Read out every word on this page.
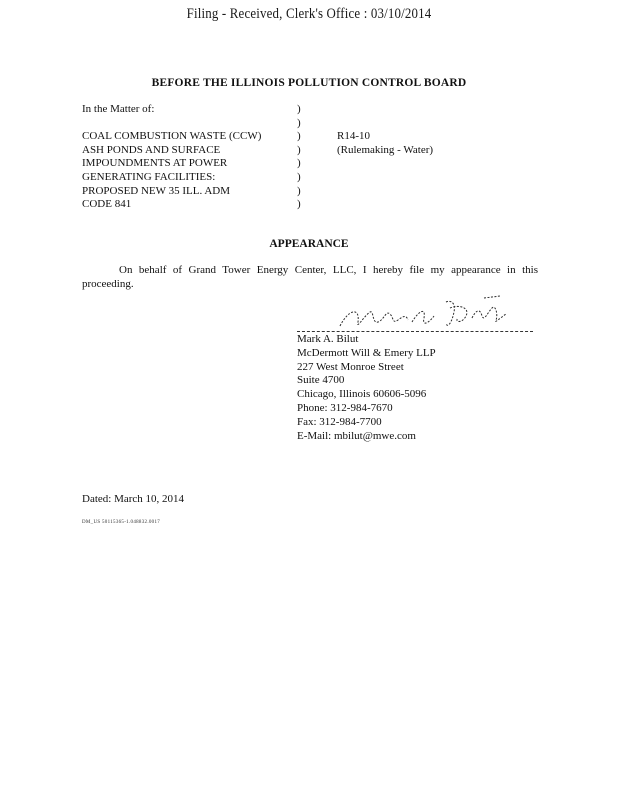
Filing - Received, Clerk's Office : 03/10/2014
BEFORE THE ILLINOIS POLLUTION CONTROL BOARD
In the Matter of:
COAL COMBUSTION WASTE (CCW)
ASH PONDS AND SURFACE
IMPOUNDMENTS AT POWER
GENERATING FACILITIES:
PROPOSED NEW 35 ILL. ADM
CODE 841
)
)
)
)
)
)
)
)
R14-10
(Rulemaking - Water)
APPEARANCE
On behalf of Grand Tower Energy Center, LLC, I hereby file my appearance in this proceeding.
Mark A. Bilut
McDermott Will & Emery LLP
227 West Monroe Street
Suite 4700
Chicago, Illinois 60606-5096
Phone: 312-984-7670
Fax: 312-984-7700
E-Mail: mbilut@mwe.com
Dated: March 10, 2014
DM_US 50115365-1.048832.0017
